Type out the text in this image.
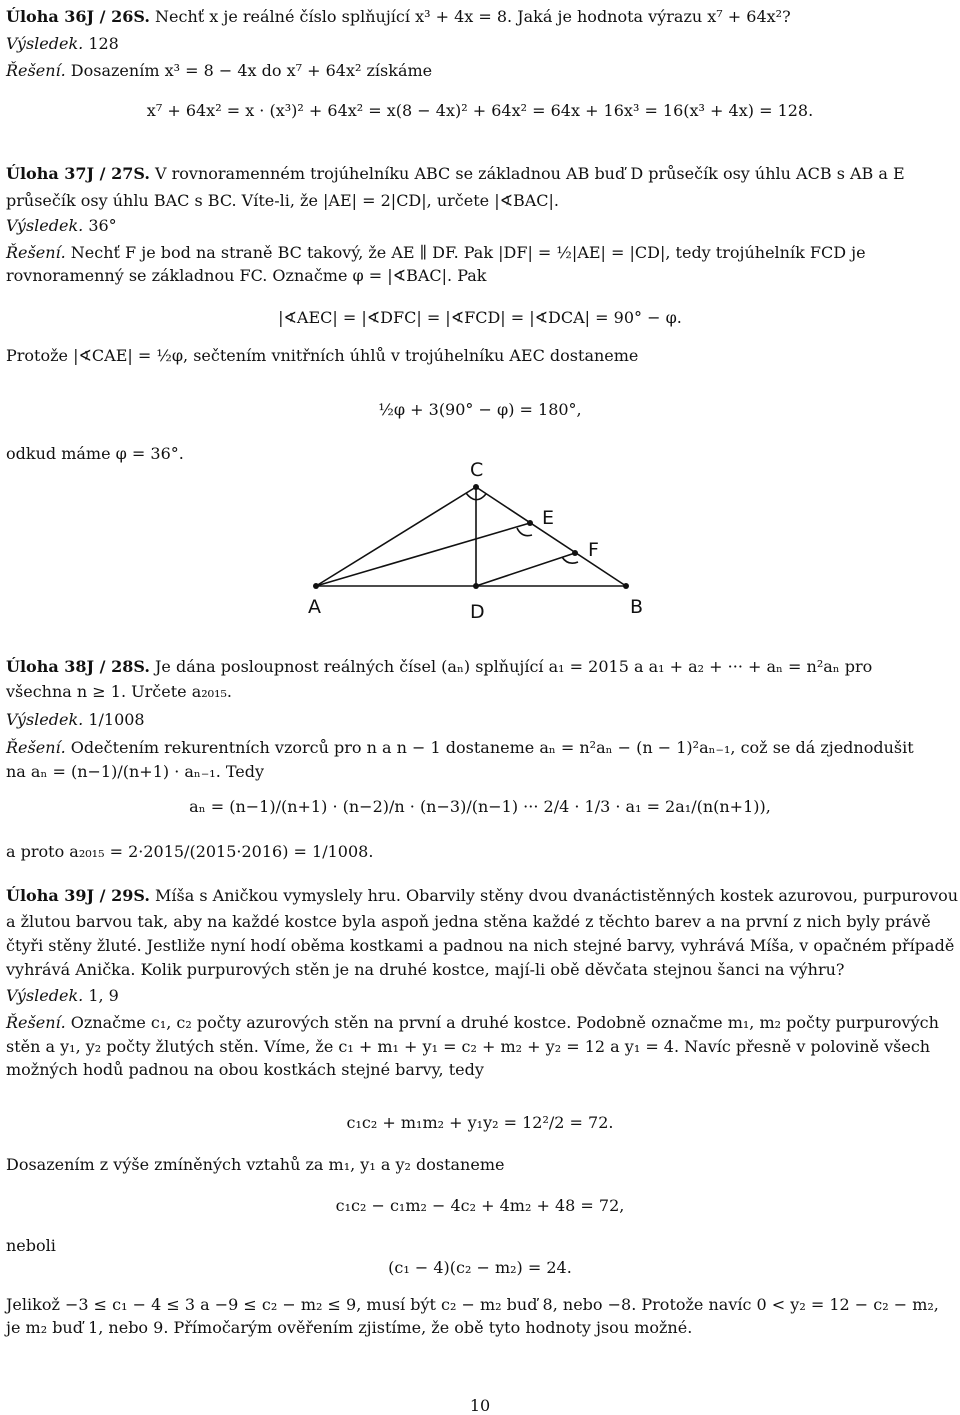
Úloha 36J / 26S. Nechť x je reálné číslo splňující x³ + 4x = 8. Jaká je hodnota výrazu x⁷ + 64x²?
Výsledek. 128
Řešení. Dosazením x³ = 8 − 4x do x⁷ + 64x² získáme
x⁷ + 64x² = x · (x³)² + 64x² = x(8 − 4x)² + 64x² = 64x + 16x³ = 16(x³ + 4x) = 128.
Úloha 37J / 27S. V rovnoramenném trojúhelníku ABC se základnou AB buď D průsečík osy úhlu ACB s AB a E
průsečík osy úhlu BAC s BC. Víte-li, že |AE| = 2|CD|, určete |∢BAC|.
Výsledek. 36°
Řešení. Nechť F je bod na straně BC takový, že AE ∥ DF. Pak |DF| = ½|AE| = |CD|, tedy trojúhelník FCD je
rovnoramenný se základnou FC. Označme φ = |∢BAC|. Pak
|∢AEC| = |∢DFC| = |∢FCD| = |∢DCA| = 90° − φ.
Protože |∢CAE| = ½φ, sečtením vnitřních úhlů v trojúhelníku AEC dostaneme
½φ + 3(90° − φ) = 180°,
odkud máme φ = 36°.
C
E
F
A	D	B
Úloha 38J / 28S. Je dána posloupnost reálných čísel (aₙ) splňující a₁ = 2015 a a₁ + a₂ + ··· + aₙ = n²aₙ pro
všechna n ≥ 1. Určete a₂₀₁₅.
Výsledek. 1/1008
Řešení. Odečtením rekurentních vzorců pro n a n − 1 dostaneme aₙ = n²aₙ − (n − 1)²aₙ₋₁, což se dá zjednodušit
na aₙ = (n−1)/(n+1) · aₙ₋₁. Tedy
aₙ = (n−1)/(n+1) · (n−2)/n · (n−3)/(n−1) ··· 2/4 · 1/3 · a₁ = 2a₁/(n(n+1)),
a proto a₂₀₁₅ = 2·2015/(2015·2016) = 1/1008.
Úloha 39J / 29S. Míša s Aničkou vymyslely hru. Obarvily stěny dvou dvanáctistěnných kostek azurovou, purpurovou
a žlutou barvou tak, aby na každé kostce byla aspoň jedna stěna každé z těchto barev a na první z nich byly právě
čtyři stěny žluté. Jestliže nyní hodí oběma kostkami a padnou na nich stejné barvy, vyhrává Míša, v opačném případě
vyhrává Anička. Kolik purpurových stěn je na druhé kostce, mají-li obě děvčata stejnou šanci na výhru?
Výsledek. 1, 9
Řešení. Označme c₁, c₂ počty azurových stěn na první a druhé kostce. Podobně označme m₁, m₂ počty purpurových
stěn a y₁, y₂ počty žlutých stěn. Víme, že c₁ + m₁ + y₁ = c₂ + m₂ + y₂ = 12 a y₁ = 4. Navíc přesně v polovině všech
možných hodů padnou na obou kostkách stejné barvy, tedy
c₁c₂ + m₁m₂ + y₁y₂ = 12²/2 = 72.
Dosazením z výše zmíněných vztahů za m₁, y₁ a y₂ dostaneme
c₁c₂ − c₁m₂ − 4c₂ + 4m₂ + 48 = 72,
neboli
(c₁ − 4)(c₂ − m₂) = 24.
Jelikož −3 ≤ c₁ − 4 ≤ 3 a −9 ≤ c₂ − m₂ ≤ 9, musí být c₂ − m₂ buď 8, nebo −8. Protože navíc 0 < y₂ = 12 − c₂ − m₂,
je m₂ buď 1, nebo 9. Přímočarým ověřením zjistíme, že obě tyto hodnoty jsou možné.
10
